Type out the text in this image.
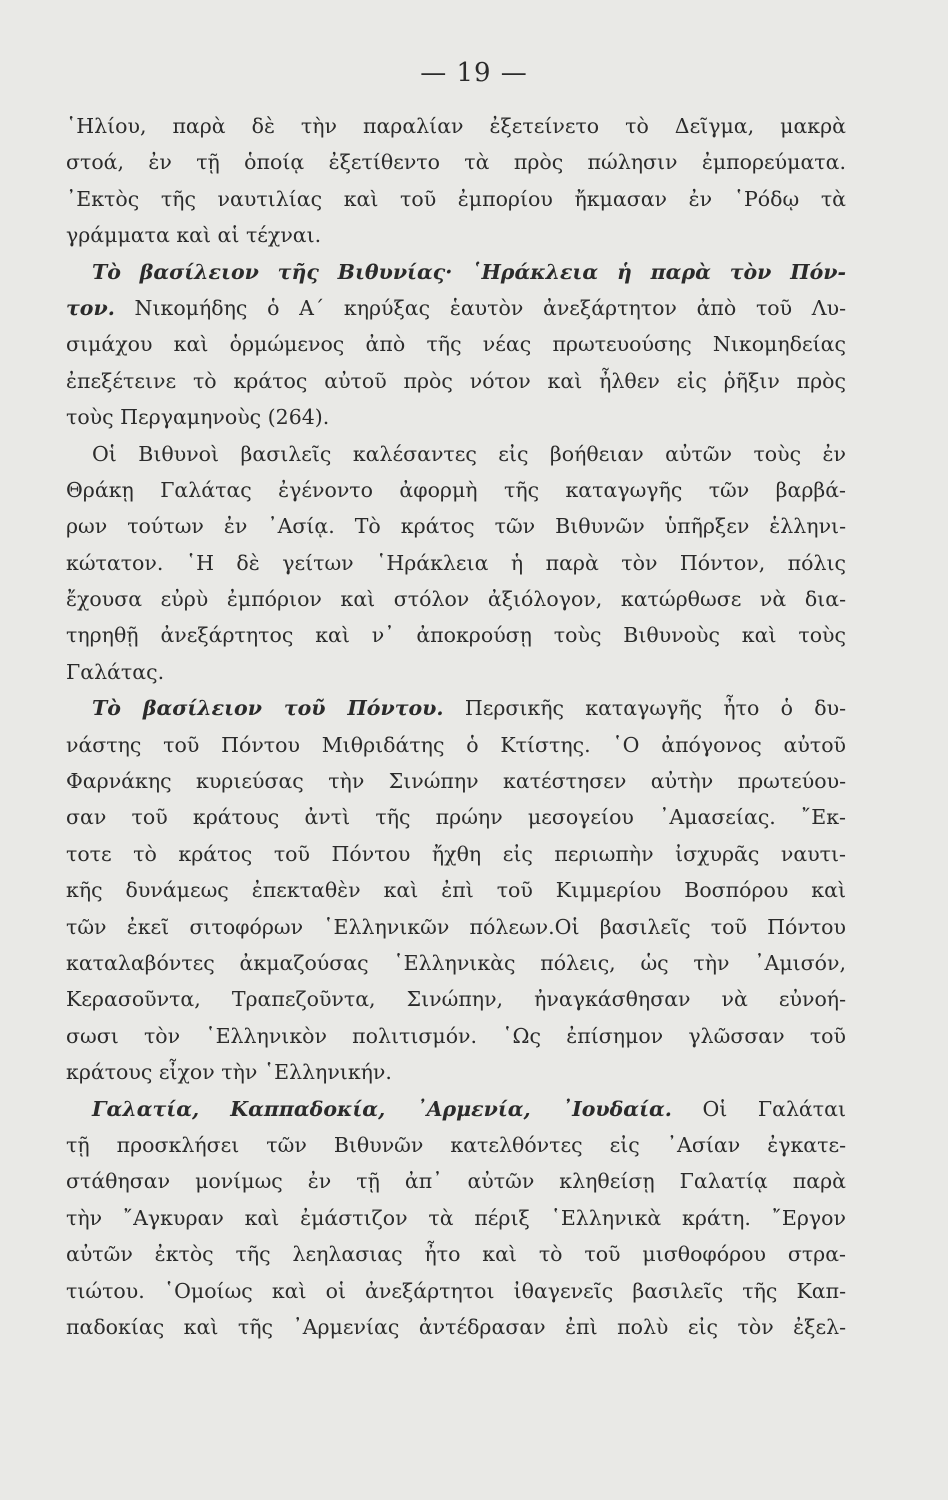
— 19 —
῾Ηλίου, παρὰ δὲ τὴν παραλίαν ἐξετείνετο τὸ Δεῖγμα, μακρὰ
στοά, ἐν τῇ ὁποίᾳ ἐξετίθεντο τὰ πρὸς πώλησιν ἐμπορεύματα.
᾿Εκτὸς τῆς ναυτιλίας καὶ τοῦ ἐμπορίου ἤκμασαν ἐν ῾Ρόδῳ τὰ
γράμματα καὶ αἱ τέχναι.
Τὸ βασίλειον τῆς Βιθυνίας· ῾Ηράκλεια ἡ παρὰ τὸν Πόν-
τον. Νικομήδης ὁ Α΄ κηρύξας ἑαυτὸν ἀνεξάρτητον ἀπὸ τοῦ Λυ-
σιμάχου καὶ ὁρμώμενος ἀπὸ τῆς νέας πρωτευούσης Νικομηδείας
ἐπεξέτεινε τὸ κράτος αὐτοῦ πρὸς νότον καὶ ἦλθεν εἰς ῥῆξιν πρὸς
τοὺς Περγαμηνοὺς (264).
Οἱ Βιθυνοὶ βασιλεῖς καλέσαντες εἰς βοήθειαν αὐτῶν τοὺς ἐν
Θράκῃ Γαλάτας ἐγένοντο ἀφορμὴ τῆς καταγωγῆς τῶν βαρβά-
ρων τούτων ἐν ᾿Ασίᾳ. Τὸ κράτος τῶν Βιθυνῶν ὑπῆρξεν ἑλληνι-
κώτατον. ῾Η δὲ γείτων ῾Ηράκλεια ἡ παρὰ τὸν Πόντον, πόλις
ἔχουσα εὐρὺ ἐμπόριον καὶ στόλον ἀξιόλογον, κατώρθωσε νὰ δια-
τηρηθῇ ἀνεξάρτητος καὶ ν᾿ ἀποκρούσῃ τοὺς Βιθυνοὺς καὶ τοὺς
Γαλάτας.
Τὸ βασίλειον τοῦ Πόντου. Περσικῆς καταγωγῆς ἦτο ὁ δυ-
νάστης τοῦ Πόντου Μιθριδάτης ὁ Κτίστης. ῾Ο ἀπόγονος αὐτοῦ
Φαρνάκης κυριεύσας τὴν Σινώπην κατέστησεν αὐτὴν πρωτεύου-
σαν τοῦ κράτους ἀντὶ τῆς πρώην μεσογείου ᾿Αμασείας. ῎Εκ-
τοτε τὸ κράτος τοῦ Πόντου ἤχθη εἰς περιωπὴν ἰσχυρᾶς ναυτι-
κῆς δυνάμεως ἐπεκταθὲν καὶ ἐπὶ τοῦ Κιμμερίου Βοσπόρου καὶ
τῶν ἐκεῖ σιτοφόρων ῾Ελληνικῶν πόλεων.Οἱ βασιλεῖς τοῦ Πόντου
καταλαβόντες ἀκμαζούσας ῾Ελληνικὰς πόλεις, ὡς τὴν ᾿Αμισόν,
Κερασοῦντα, Τραπεζοῦντα, Σινώπην, ἠναγκάσθησαν νὰ εὐνοή-
σωσι τὸν ῾Ελληνικὸν πολιτισμόν. ῾Ως ἐπίσημον γλῶσσαν τοῦ
κράτους εἶχον τὴν ῾Ελληνικήν.
Γαλατία, Καππαδοκία, ᾿Αρμενία, ᾿Ιουδαία. Οἱ Γαλάται
τῇ προσκλήσει τῶν Βιθυνῶν κατελθόντες εἰς ᾿Ασίαν ἐγκατε-
στάθησαν μονίμως ἐν τῇ ἀπ᾿ αὐτῶν κληθείσῃ Γαλατίᾳ παρὰ
τὴν ῎Αγκυραν καὶ ἐμάστιζον τὰ πέριξ ῾Ελληνικὰ κράτη. ῎Εργον
αὐτῶν ἐκτὸς τῆς λεηλασιας ἦτο καὶ τὸ τοῦ μισθοφόρου στρα-
τιώτου. ῾Ομοίως καὶ οἱ ἀνεξάρτητοι ἰθαγενεῖς βασιλεῖς τῆς Καπ-
παδοκίας καὶ τῆς ᾿Αρμενίας ἀντέδρασαν ἐπὶ πολὺ εἰς τὸν ἐξελ-
